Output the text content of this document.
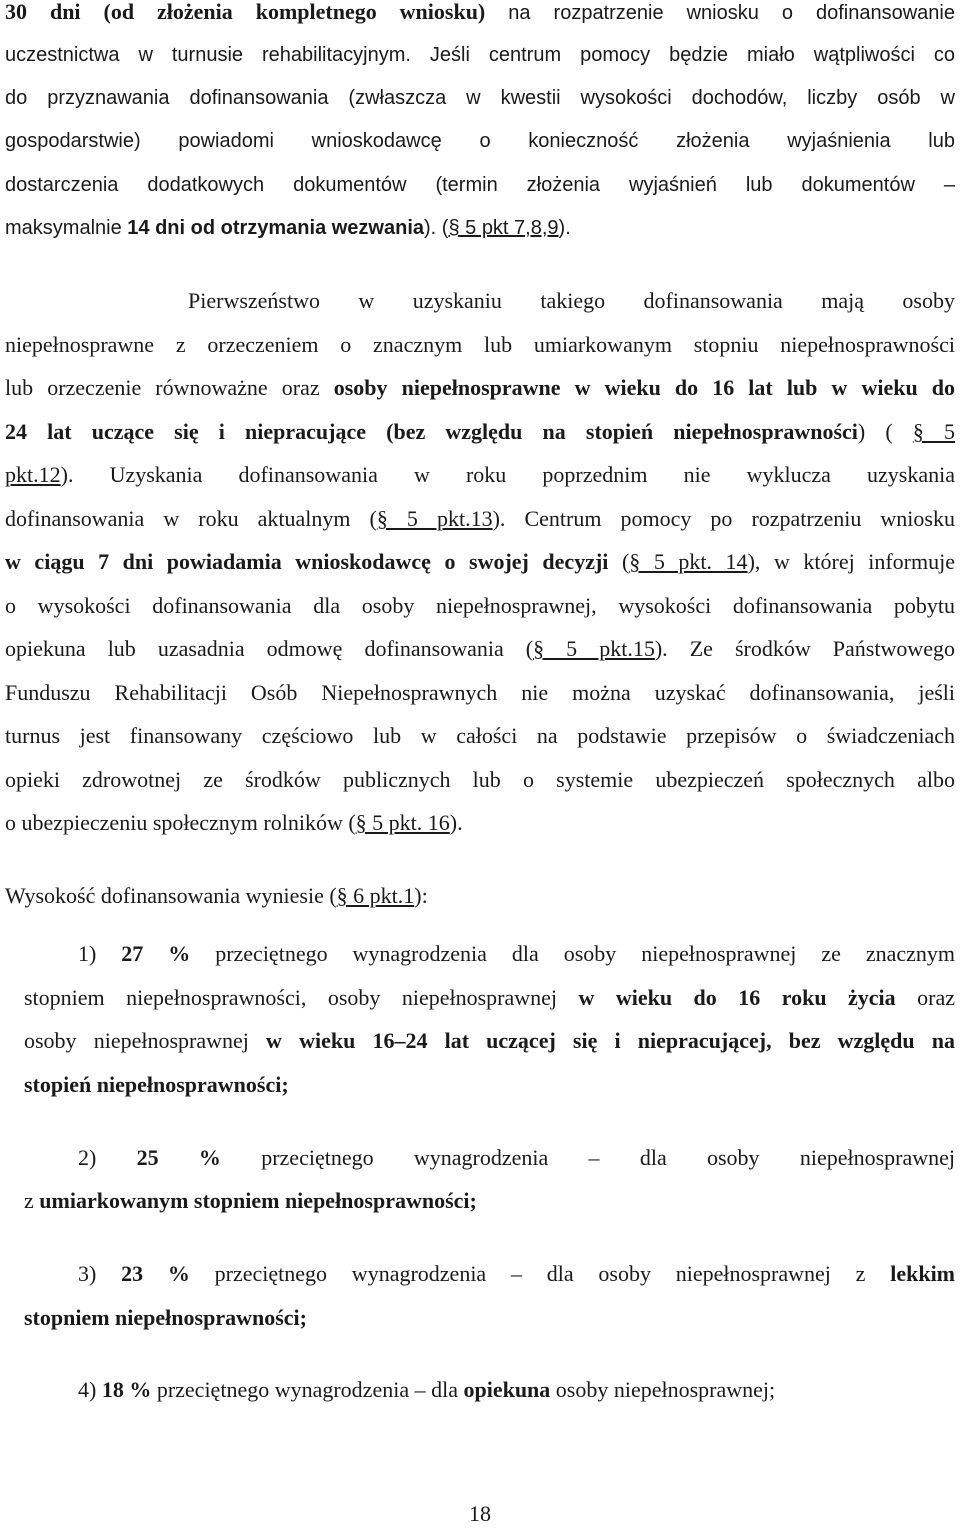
30 dni (od złożenia kompletnego wniosku) na rozpatrzenie wniosku o dofinansowanie
uczestnictwa w turnusie rehabilitacyjnym. Jeśli centrum pomocy będzie miało wątpliwości co
do przyznawania dofinansowania (zwłaszcza w kwestii wysokości dochodów, liczby osób w
gospodarstwie) powiadomi wnioskodawcę o konieczność złożenia wyjaśnienia lub
dostarczenia dodatkowych dokumentów (termin złożenia wyjaśnień lub dokumentów –
maksymalnie 14 dni od otrzymania wezwania). (§ 5 pkt 7,8,9).
Pierwszeństwo w uzyskaniu takiego dofinansowania mają osoby
niepełnosprawne z orzeczeniem o znacznym lub umiarkowanym stopniu niepełnosprawności
lub orzeczenie równoważne oraz osoby niepełnosprawne w wieku do 16 lat lub w wieku do
24 lat uczące się i niepracujące (bez względu na stopień niepełnosprawności) ( § 5
pkt.12). Uzyskania dofinansowania w roku poprzednim nie wyklucza uzyskania
dofinansowania w roku aktualnym (§ 5 pkt.13). Centrum pomocy po rozpatrzeniu wniosku
w ciągu 7 dni powiadamia wnioskodawcę o swojej decyzji (§ 5 pkt. 14), w której informuje
o wysokości dofinansowania dla osoby niepełnosprawnej, wysokości dofinansowania pobytu
opiekuna lub uzasadnia odmowę dofinansowania (§ 5 pkt.15). Ze środków Państwowego
Funduszu Rehabilitacji Osób Niepełnosprawnych nie można uzyskać dofinansowania, jeśli
turnus jest finansowany częściowo lub w całości na podstawie przepisów o świadczeniach
opieki zdrowotnej ze środków publicznych lub o systemie ubezpieczeń społecznych albo
o ubezpieczeniu społecznym rolników (§ 5 pkt. 16).
Wysokość dofinansowania wyniesie (§ 6 pkt.1):
1) 27 % przeciętnego wynagrodzenia dla osoby niepełnosprawnej ze znacznym
stopniem niepełnosprawności, osoby niepełnosprawnej w wieku do 16 roku życia oraz
osoby niepełnosprawnej w wieku 16–24 lat uczącej się i niepracującej, bez względu na
stopień niepełnosprawności;
2) 25 % przeciętnego wynagrodzenia – dla osoby niepełnosprawnej
z umiarkowanym stopniem niepełnosprawności;
3) 23 % przeciętnego wynagrodzenia – dla osoby niepełnosprawnej z lekkim
stopniem niepełnosprawności;
4) 18 % przeciętnego wynagrodzenia – dla opiekuna osoby niepełnosprawnej;
18
